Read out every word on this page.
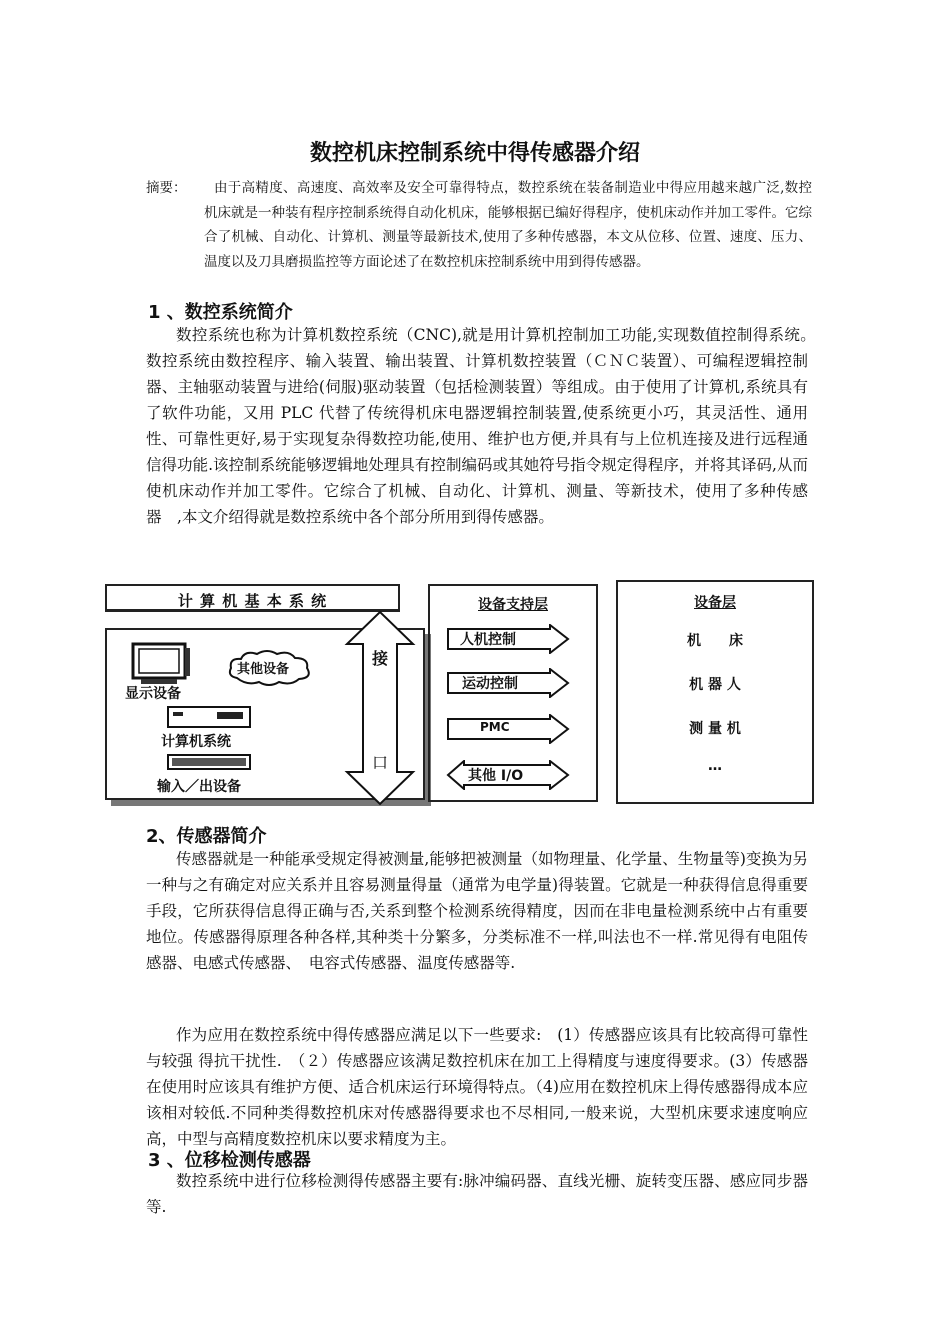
数控机床控制系统中得传感器介绍
摘要：	由于高精度、高速度、高效率及安全可靠得特点，数控系统在装备制造业中得应用越来越广泛,数控机床就是一种装有程序控制系统得自动化机床，能够根据已编好得程序，使机床动作并加工零件。它综合了机械、自动化、计算机、测量等最新技术,使用了多种传感器，本文从位移、位置、速度、压力、温度以及刀具磨损监控等方面论述了在数控机床控制系统中用到得传感器。
1 、数控系统简介

数控系统也称为计算机数控系统（CNC),就是用计算机控制加工功能,实现数值控制得系统。　数控系统由数控程序、输入装置、输出装置、计算机数控装置（ＣＮＣ装置）、可编程逻辑控制器、主轴驱动装置与进给(伺服)驱动装置（包括检测装置）等组成。由于使用了计算机,系统具有了软件功能，又用 PLC 代替了传统得机床电器逻辑控制装置,使系统更小巧，其灵活性、通用性、可靠性更好,易于实现复杂得数控功能,使用、维护也方便,并具有与上位机连接及进行远程通信得功能.该控制系统能够逻辑地处理具有控制编码或其她符号指令规定得程序，并将其译码,从而使机床动作并加工零件。它综合了机械、自动化、计算机、测量、等新技术，使用了多种传感器　,本文介绍得就是数控系统中各个部分所用到得传感器。

计 算 机 基 本 系 统
显示设备
其他设备
计算机系统
输入／出设备
接
口
设备支持层
人机控制
运动控制
PMC
其他 I/O
设备层
机　　床
机 器 人
测 量 机
…
2、传感器简介

传感器就是一种能承受规定得被测量,能够把被测量（如物理量、化学量、生物量等)变换为另一种与之有确定对应关系并且容易测量得量（通常为电学量)得装置。它就是一种获得信息得重要手段，它所获得信息得正确与否,关系到整个检测系统得精度，因而在非电量检测系统中占有重要地位。传感器得原理各种各样,其种类十分繁多，分类标准不一样,叫法也不一样.常见得有电阻传感器、电感式传感器、　电容式传感器、温度传感器等.

作为应用在数控系统中得传感器应满足以下一些要求:　(1）传感器应该具有比较高得可靠性与较强 得抗干扰性.　（２）传感器应该满足数控机床在加工上得精度与速度得要求。(3）传感器在使用时应该具有维护方便、适合机床运行环境得特点。（4)应用在数控机床上得传感器得成本应该相对较低.不同种类得数控机床对传感器得要求也不尽相同,一般来说，大型机床要求速度响应高，中型与高精度数控机床以要求精度为主。

3 、位移检测传感器

数控系统中进行位移检测得传感器主要有:脉冲编码器、直线光栅、旋转变压器、感应同步器等.
